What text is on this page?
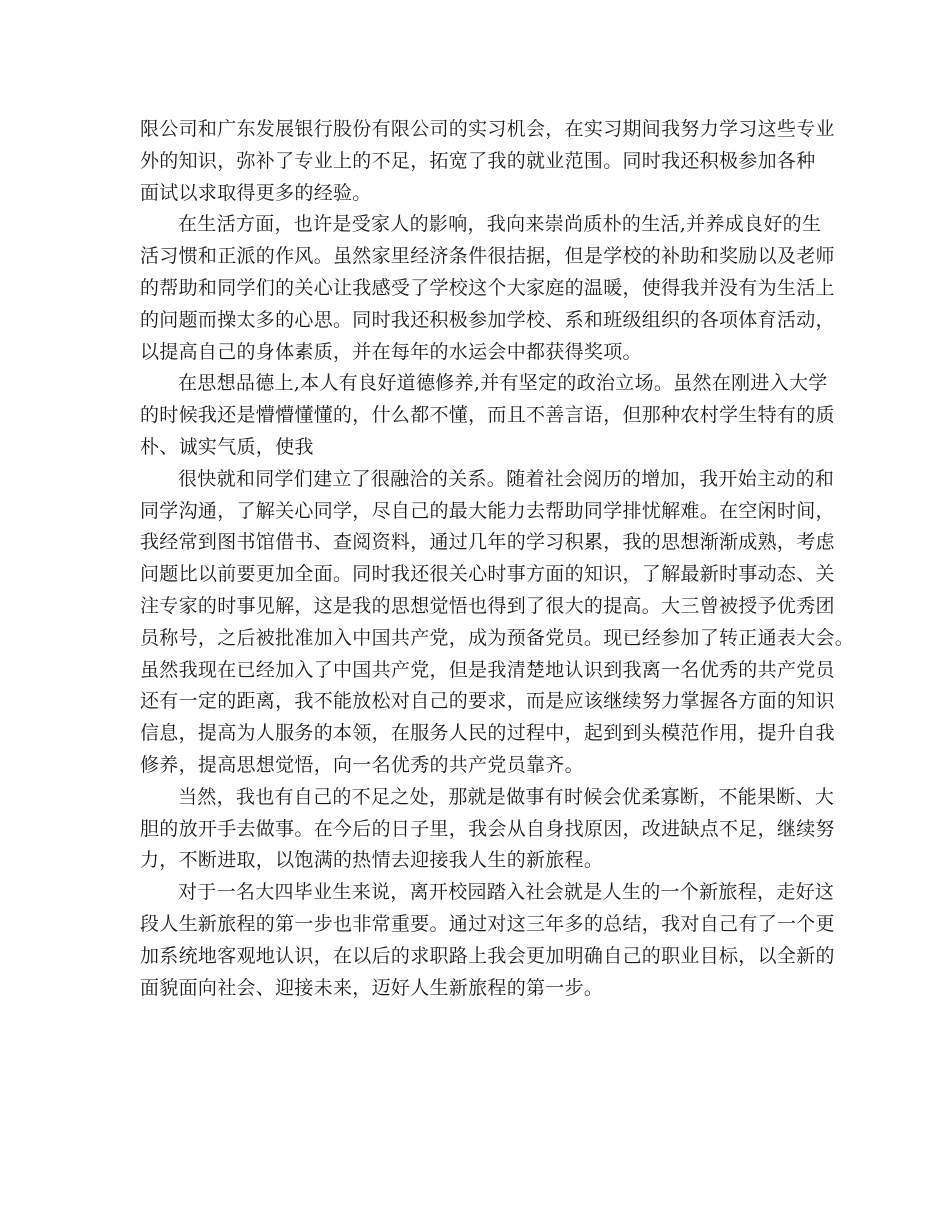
限公司和广东发展银行股份有限公司的实习机会，在实习期间我努力学习这些专业
外的知识，弥补了专业上的不足，拓宽了我的就业范围。同时我还积极参加各种
面试以求取得更多的经验。
在生活方面，也许是受家人的影响，我向来崇尚质朴的生活,并养成良好的生
活习惯和正派的作风。虽然家里经济条件很拮据，但是学校的补助和奖励以及老师
的帮助和同学们的关心让我感受了学校这个大家庭的温暖，使得我并没有为生活上
的问题而操太多的心思。同时我还积极参加学校、系和班级组织的各项体育活动，
以提高自己的身体素质，并在每年的水运会中都获得奖项。
在思想品德上,本人有良好道德修养,并有坚定的政治立场。虽然在刚进入大学
的时候我还是懵懵懂懂的，什么都不懂，而且不善言语，但那种农村学生特有的质
朴、诚实气质，使我
很快就和同学们建立了很融洽的关系。随着社会阅历的增加，我开始主动的和
同学沟通，了解关心同学，尽自己的最大能力去帮助同学排忧解难。在空闲时间，
我经常到图书馆借书、查阅资料，通过几年的学习积累，我的思想渐渐成熟，考虑
问题比以前要更加全面。同时我还很关心时事方面的知识，了解最新时事动态、关
注专家的时事见解，这是我的思想觉悟也得到了很大的提高。大三曾被授予优秀团
员称号，之后被批准加入中国共产党，成为预备党员。现已经参加了转正通表大会。
虽然我现在已经加入了中国共产党，但是我清楚地认识到我离一名优秀的共产党员
还有一定的距离，我不能放松对自己的要求，而是应该继续努力掌握各方面的知识
信息，提高为人服务的本领，在服务人民的过程中，起到到头模范作用，提升自我
修养，提高思想觉悟，向一名优秀的共产党员靠齐。
当然，我也有自己的不足之处，那就是做事有时候会优柔寡断，不能果断、大
胆的放开手去做事。在今后的日子里，我会从自身找原因，改进缺点不足，继续努
力，不断进取，以饱满的热情去迎接我人生的新旅程。
对于一名大四毕业生来说，离开校园踏入社会就是人生的一个新旅程，走好这
段人生新旅程的第一步也非常重要。通过对这三年多的总结，我对自己有了一个更
加系统地客观地认识，在以后的求职路上我会更加明确自己的职业目标，以全新的
面貌面向社会、迎接未来，迈好人生新旅程的第一步。
